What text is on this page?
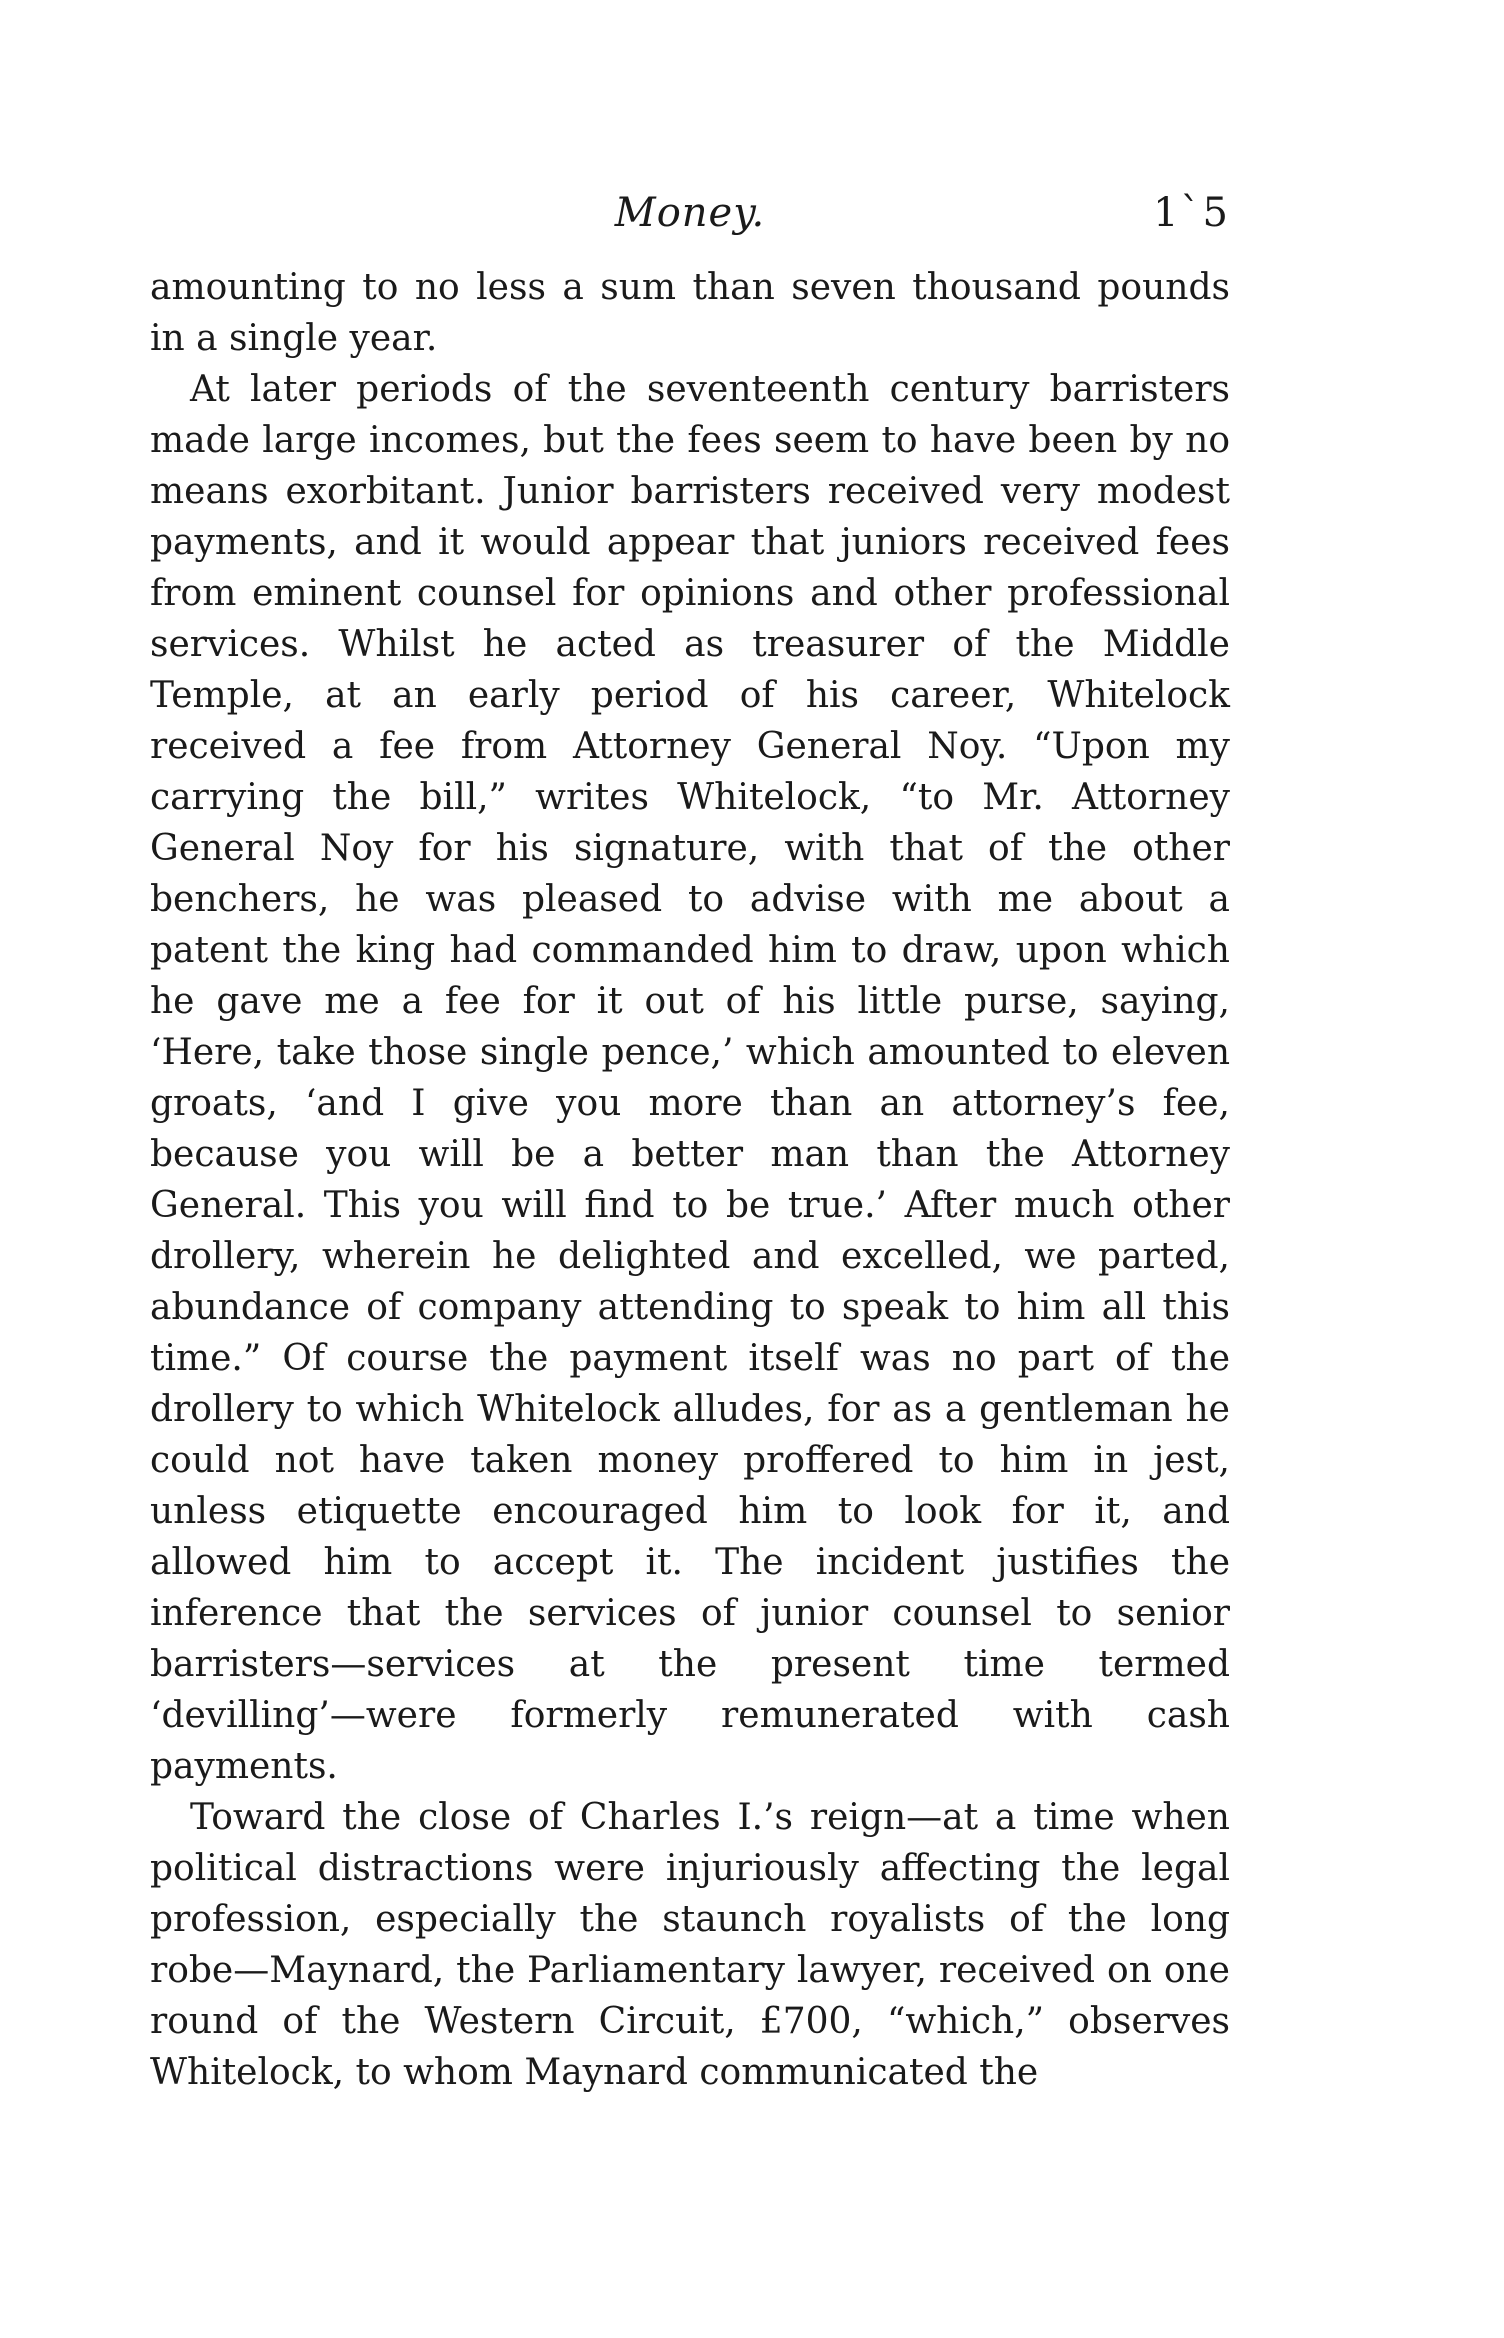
Money.	1`5

amounting to no less a sum than seven thousand pounds in a single year.

At later periods of the seventeenth century barristers made large incomes, but the fees seem to have been by no means exorbitant. Junior barristers received very modest payments, and it would appear that juniors received fees from eminent counsel for opinions and other professional services. Whilst he acted as treasurer of the Middle Temple, at an early period of his career, Whitelock received a fee from Attorney General Noy. “Upon my carrying the bill,” writes Whitelock, “to Mr. Attorney General Noy for his signature, with that of the other benchers, he was pleased to advise with me about a patent the king had commanded him to draw, upon which he gave me a fee for it out of his little purse, saying, ‘Here, take those single pence,’ which amounted to eleven groats, ‘and I give you more than an attorney’s fee, because you will be a better man than the Attorney General. This you will find to be true.’ After much other drollery, wherein he delighted and excelled, we parted, abundance of company attending to speak to him all this time.” Of course the payment itself was no part of the drollery to which Whitelock alludes, for as a gentleman he could not have taken money proffered to him in jest, unless etiquette encouraged him to look for it, and allowed him to accept it. The incident justifies the inference that the services of junior counsel to senior barristers—services at the present time termed ‘devilling’—were formerly remunerated with cash payments.

Toward the close of Charles I.’s reign—at a time when political distractions were injuriously affecting the legal profession, especially the staunch royalists of the long robe—Maynard, the Parliamentary lawyer, received on one round of the Western Circuit, £700, “which,” observes Whitelock, to whom Maynard communicated the
